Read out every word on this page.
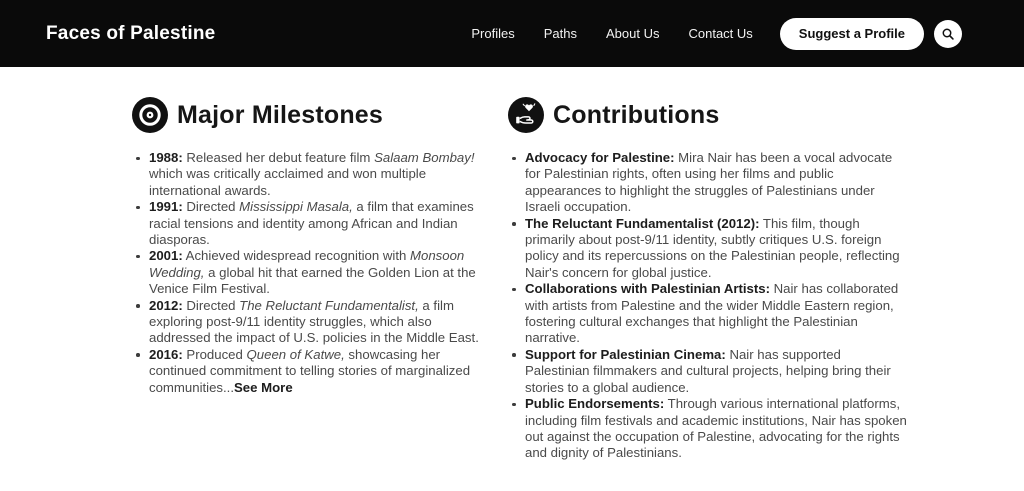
Faces of Palestine	Profiles Paths About Us Contact Us	Suggest a Profile
Major Milestones
1988: Released her debut feature film Salaam Bombay! which was critically acclaimed and won multiple international awards.
1991: Directed Mississippi Masala, a film that examines racial tensions and identity among African and Indian diasporas.
2001: Achieved widespread recognition with Monsoon Wedding, a global hit that earned the Golden Lion at the Venice Film Festival.
2012: Directed The Reluctant Fundamentalist, a film exploring post-9/11 identity struggles, which also addressed the impact of U.S. policies in the Middle East.
2016: Produced Queen of Katwe, showcasing her continued commitment to telling stories of marginalized communities...See More
Contributions
Advocacy for Palestine: Mira Nair has been a vocal advocate for Palestinian rights, often using her films and public appearances to highlight the struggles of Palestinians under Israeli occupation.
The Reluctant Fundamentalist (2012): This film, though primarily about post-9/11 identity, subtly critiques U.S. foreign policy and its repercussions on the Palestinian people, reflecting Nair's concern for global justice.
Collaborations with Palestinian Artists: Nair has collaborated with artists from Palestine and the wider Middle Eastern region, fostering cultural exchanges that highlight the Palestinian narrative.
Support for Palestinian Cinema: Nair has supported Palestinian filmmakers and cultural projects, helping bring their stories to a global audience.
Public Endorsements: Through various international platforms, including film festivals and academic institutions, Nair has spoken out against the occupation of Palestine, advocating for the rights and dignity of Palestinians.
